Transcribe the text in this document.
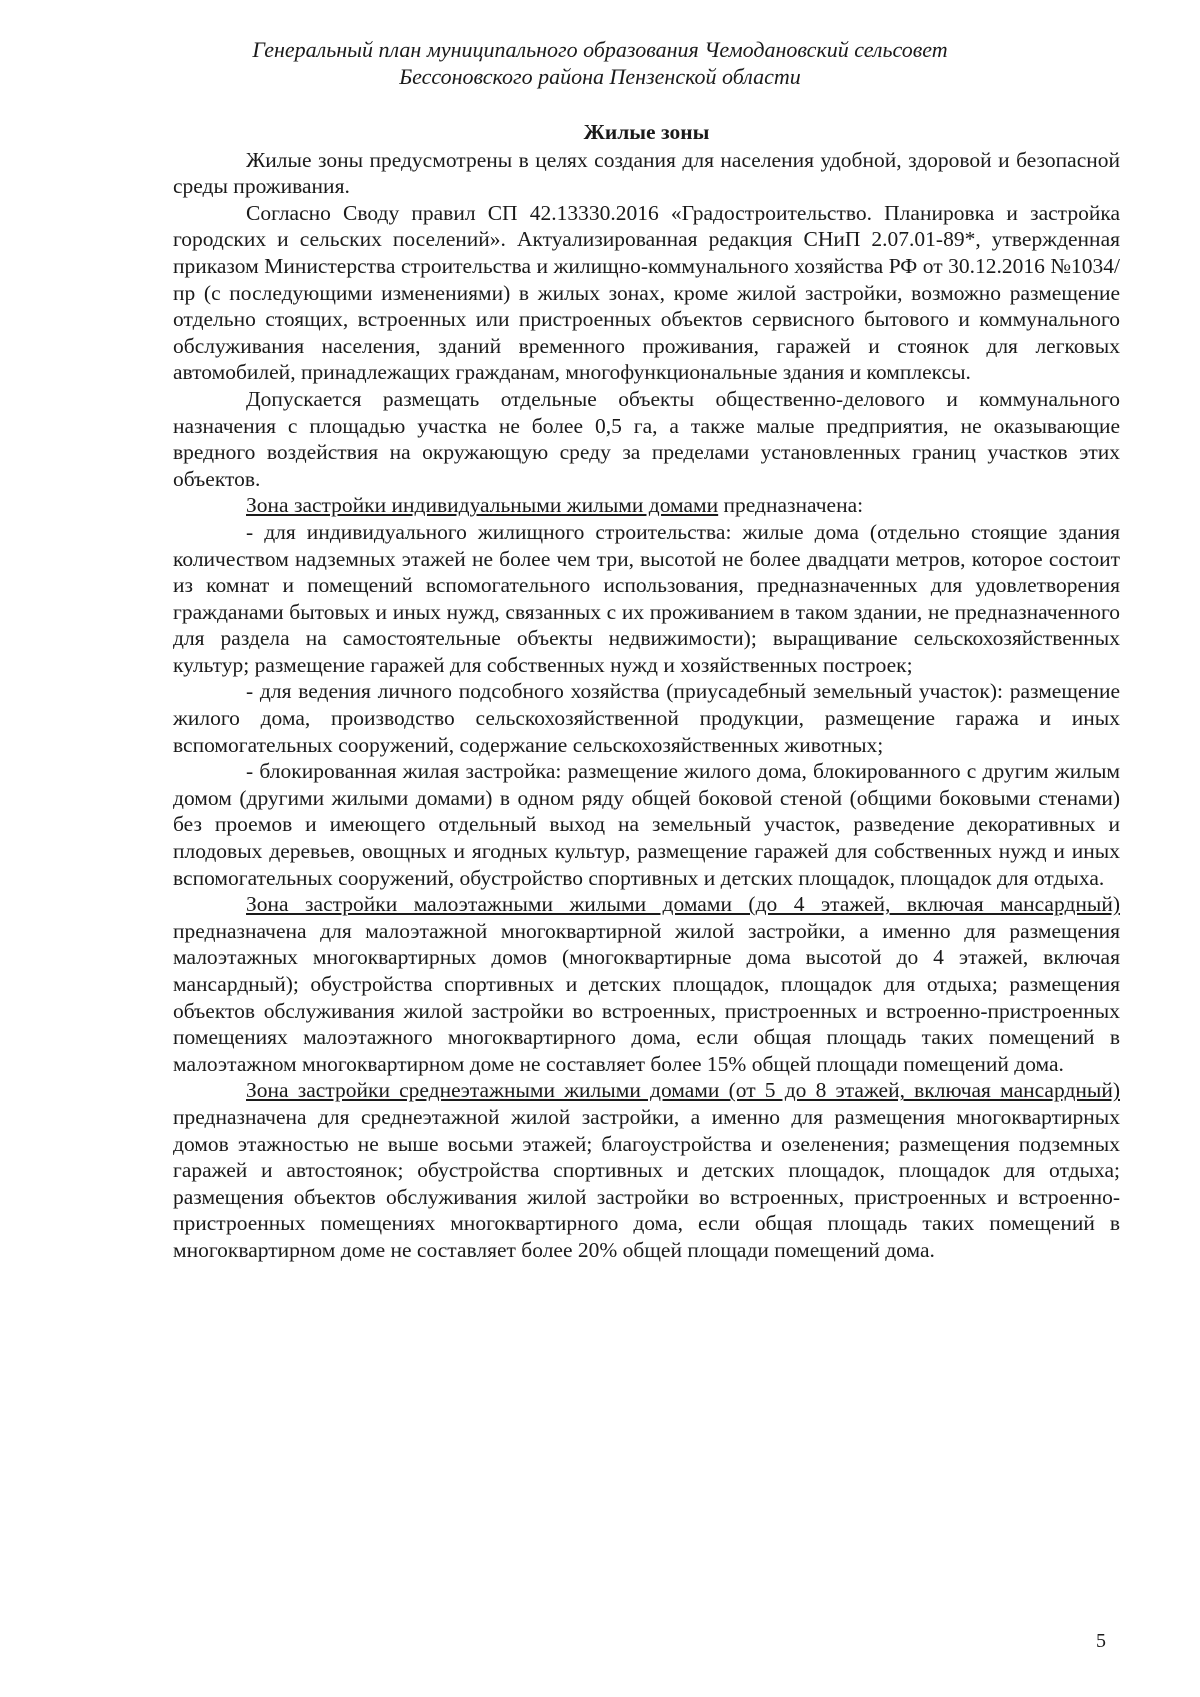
Генеральный план муниципального образования Чемодановский сельсовет
Бессоновского района Пензенской области
Жилые зоны

Жилые зоны предусмотрены в целях создания для населения удобной, здоровой и безопасной среды проживания.

Согласно Своду правил СП 42.13330.2016 «Градостроительство. Планировка и застройка городских и сельских поселений». Актуализированная редакция СНиП 2.07.01-89*, утвержденная приказом Министерства строительства и жилищно-коммунального хозяйства РФ от 30.12.2016 №1034/пр (с последующими изменениями) в жилых зонах, кроме жилой застройки, возможно размещение отдельно стоящих, встроенных или пристроенных объектов сервисного бытового и коммунального обслуживания населения, зданий временного проживания, гаражей и стоянок для легковых автомобилей, принадлежащих гражданам, многофункциональные здания и комплексы.

Допускается размещать отдельные объекты общественно-делового и коммунального назначения с площадью участка не более 0,5 га, а также малые предприятия, не оказывающие вредного воздействия на окружающую среду за пределами установленных границ участков этих объектов.

Зона застройки индивидуальными жилыми домами предназначена:

- для индивидуального жилищного строительства: жилые дома (отдельно стоящие здания количеством надземных этажей не более чем три, высотой не более двадцати метров, которое состоит из комнат и помещений вспомогательного использования, предназначенных для удовлетворения гражданами бытовых и иных нужд, связанных с их проживанием в таком здании, не предназначенного для раздела на самостоятельные объекты недвижимости); выращивание сельскохозяйственных культур; размещение гаражей для собственных нужд и хозяйственных построек;

- для ведения личного подсобного хозяйства (приусадебный земельный участок): размещение жилого дома, производство сельскохозяйственной продукции, размещение гаража и иных вспомогательных сооружений, содержание сельскохозяйственных животных;

- блокированная жилая застройка: размещение жилого дома, блокированного с другим жилым домом (другими жилыми домами) в одном ряду общей боковой стеной (общими боковыми стенами) без проемов и имеющего отдельный выход на земельный участок, разведение декоративных и плодовых деревьев, овощных и ягодных культур, размещение гаражей для собственных нужд и иных вспомогательных сооружений, обустройство спортивных и детских площадок, площадок для отдыха.

Зона застройки малоэтажными жилыми домами (до 4 этажей, включая мансардный) предназначена для малоэтажной многоквартирной жилой застройки, а именно для размещения малоэтажных многоквартирных домов (многоквартирные дома высотой до 4 этажей, включая мансардный); обустройства спортивных и детских площадок, площадок для отдыха; размещения объектов обслуживания жилой застройки во встроенных, пристроенных и встроенно-пристроенных помещениях малоэтажного многоквартирного дома, если общая площадь таких помещений в малоэтажном многоквартирном доме не составляет более 15% общей площади помещений дома.

Зона застройки среднеэтажными жилыми домами (от 5 до 8 этажей, включая мансардный) предназначена для среднеэтажной жилой застройки, а именно для размещения многоквартирных домов этажностью не выше восьми этажей; благоустройства и озеленения; размещения подземных гаражей и автостоянок; обустройства спортивных и детских площадок, площадок для отдыха; размещения объектов обслуживания жилой застройки во встроенных, пристроенных и встроенно-пристроенных помещениях многоквартирного дома, если общая площадь таких помещений в многоквартирном доме не составляет более 20% общей площади помещений дома.

5
